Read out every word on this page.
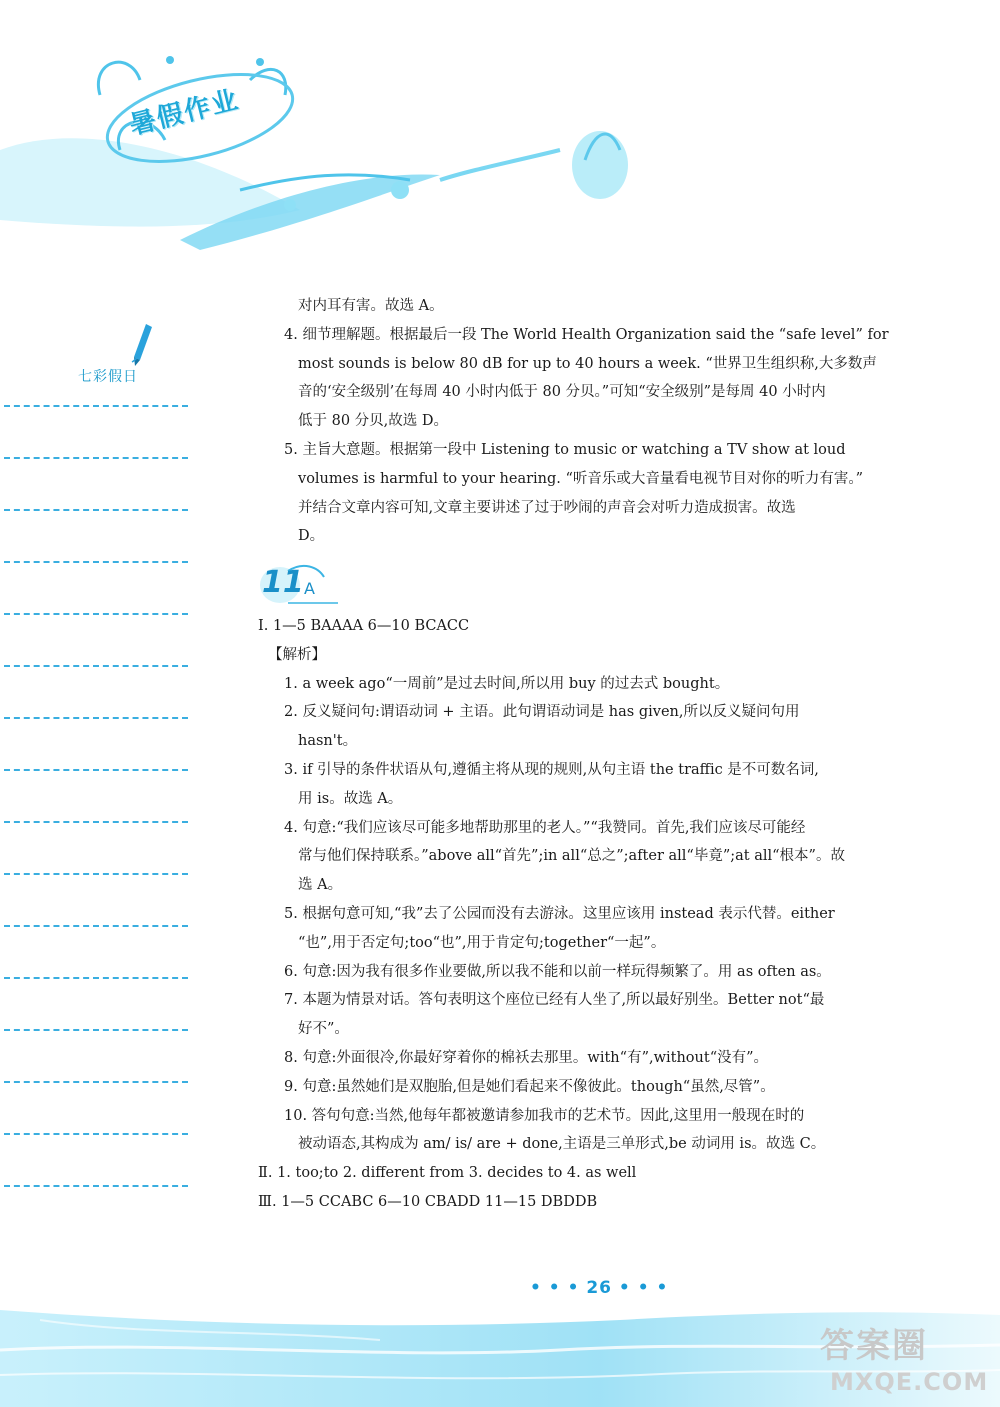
暑假作业
七彩假日
对内耳有害。故选 A。
4. 细节理解题。根据最后一段 The World Health Organization said the “safe level” for
most sounds is below 80 dB for up to 40 hours a week. “世界卫生组织称,大多数声
音的‘安全级别’在每周 40 小时内低于 80 分贝。”可知“安全级别”是每周 40 小时内
低于 80 分贝,故选 D。
5. 主旨大意题。根据第一段中 Listening to music or watching a TV show at loud
volumes is harmful to your hearing. “听音乐或大音量看电视节目对你的听力有害。”
并结合文章内容可知,文章主要讲述了过于吵闹的声音会对听力造成损害。故选
D。
11 A
Ⅰ. 1—5 BAAAA 6—10 BCACC
【解析】
1. a week ago“一周前”是过去时间,所以用 buy 的过去式 bought。
2. 反义疑问句:谓语动词 + 主语。此句谓语动词是 has given,所以反义疑问句用
hasn't。
3. if 引导的条件状语从句,遵循主将从现的规则,从句主语 the traffic 是不可数名词,
用 is。故选 A。
4. 句意:“我们应该尽可能多地帮助那里的老人。”“我赞同。首先,我们应该尽可能经
常与他们保持联系。”above all“首先”;in all“总之”;after all“毕竟”;at all“根本”。故
选 A。
5. 根据句意可知,“我”去了公园而没有去游泳。这里应该用 instead 表示代替。either
“也”,用于否定句;too“也”,用于肯定句;together“一起”。
6. 句意:因为我有很多作业要做,所以我不能和以前一样玩得频繁了。用 as often as。
7. 本题为情景对话。答句表明这个座位已经有人坐了,所以最好别坐。Better not“最
好不”。
8. 句意:外面很冷,你最好穿着你的棉袄去那里。with“有”,without“没有”。
9. 句意:虽然她们是双胞胎,但是她们看起来不像彼此。though“虽然,尽管”。
10. 答句句意:当然,他每年都被邀请参加我市的艺术节。因此,这里用一般现在时的
被动语态,其构成为 am/ is/ are + done,主语是三单形式,be 动词用 is。故选 C。
Ⅱ. 1. too;to 2. different from 3. decides to 4. as well
Ⅲ. 1—5 CCABC 6—10 CBADD 11—15 DBDDB
• • • 26 • • •
答案圈
MXQE.COM
